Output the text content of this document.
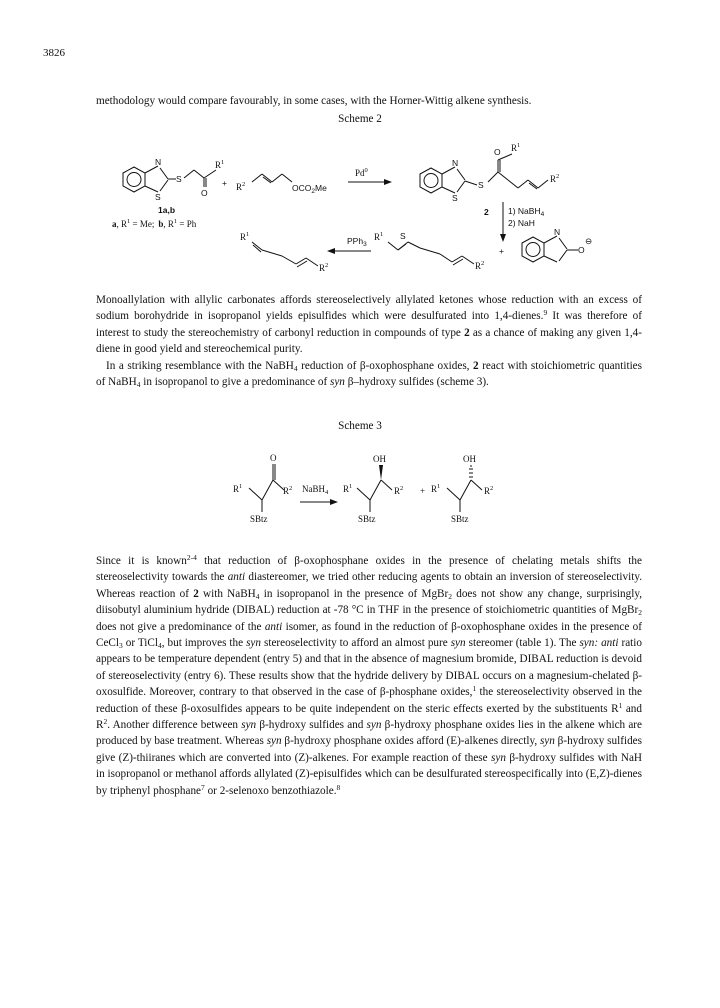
3826

methodology would compare favourably, in some cases, with the Horner-Wittig alkene synthesis.

Scheme 2
N
S
S
O
$R^1$
+ $R^2$	$OCO_2Me$
Pd$^0$
N
S
S
O $R^1$
$R^2$
1a,b
a, $R^1 = Me$; b, $R^1 = Ph$
2 1) NaBH$_4$
2) NaH
$R^1$ S
$R^2$
+
N
O
⊖
PPh$_3$
$R^1$
$R^2$

Monoallylation with allylic carbonates affords stereoselectively allylated ketones whose reduction with an excess of sodium borohydride in isopropanol yields episulfides which were desulfurated into 1,4-dienes.$^9$ It was therefore of interest to study the stereochemistry of carbonyl reduction in compounds of type 2 as a chance of making any given 1,4-diene in good yield and stereochemical purity.

In a striking resemblance with the NaBH$_4$ reduction of β-oxophosphane oxides, 2 react with stoichiometric quantities of NaBH$_4$ in isopropanol to give a predominance of syn β–hydroxy sulfides (scheme 3).

Scheme 3
O
$R^1$	$R^2$
SBtz
NaBH$_4$
OH
$R^1$	$R^2$
SBtz
+
OH
$R^1$	$R^2$
SBtz

Since it is known$^{2-4}$ that reduction of β-oxophosphane oxides in the presence of chelating metals shifts the stereoselectivity towards the anti diastereomer, we tried other reducing agents to obtain an inversion of stereoselectivity. Whereas reaction of 2 with NaBH$_4$ in isopropanol in the presence of MgBr$_2$ does not show any change, surprisingly, diisobutyl aluminium hydride (DIBAL) reduction at -78 °C in THF in the presence of stoichiometric quantities of MgBr$_2$ does not give a predominance of the anti isomer, as found in the reduction of β-oxophosphane oxides in the presence of CeCl$_3$ or TiCl$_4$, but improves the syn stereoselectivity to afford an almost pure syn stereomer (table 1). The syn: anti ratio appears to be temperature dependent (entry 5) and that in the absence of magnesium bromide, DIBAL reduction is devoid of stereoselectivity (entry 6). These results show that the hydride delivery by DIBAL occurs on a magnesium-chelated β-oxosulfide. Moreover, contrary to that observed in the case of β-phosphane oxides,$^1$ the stereoselectivity observed in the reduction of these β-oxosulfides appears to be quite independent on the steric effects exerted by the substituents $R^1$ and $R^2$. Another difference between syn β-hydroxy sulfides and syn β-hydroxy phosphane oxides lies in the alkene which are produced by base treatment. Whereas syn β-hydroxy phosphane oxides afford (E)-alkenes directly, syn β-hydroxy sulfides give (Z)-thiiranes which are converted into (Z)-alkenes. For example reaction of these syn β-hydroxy sulfides with NaH in isopropanol or methanol affords allylated (Z)-episulfides which can be desulfurated stereospecifically into (E,Z)-dienes by triphenyl phosphane$^7$ or 2-selenoxo benzothiazole.$^8$
